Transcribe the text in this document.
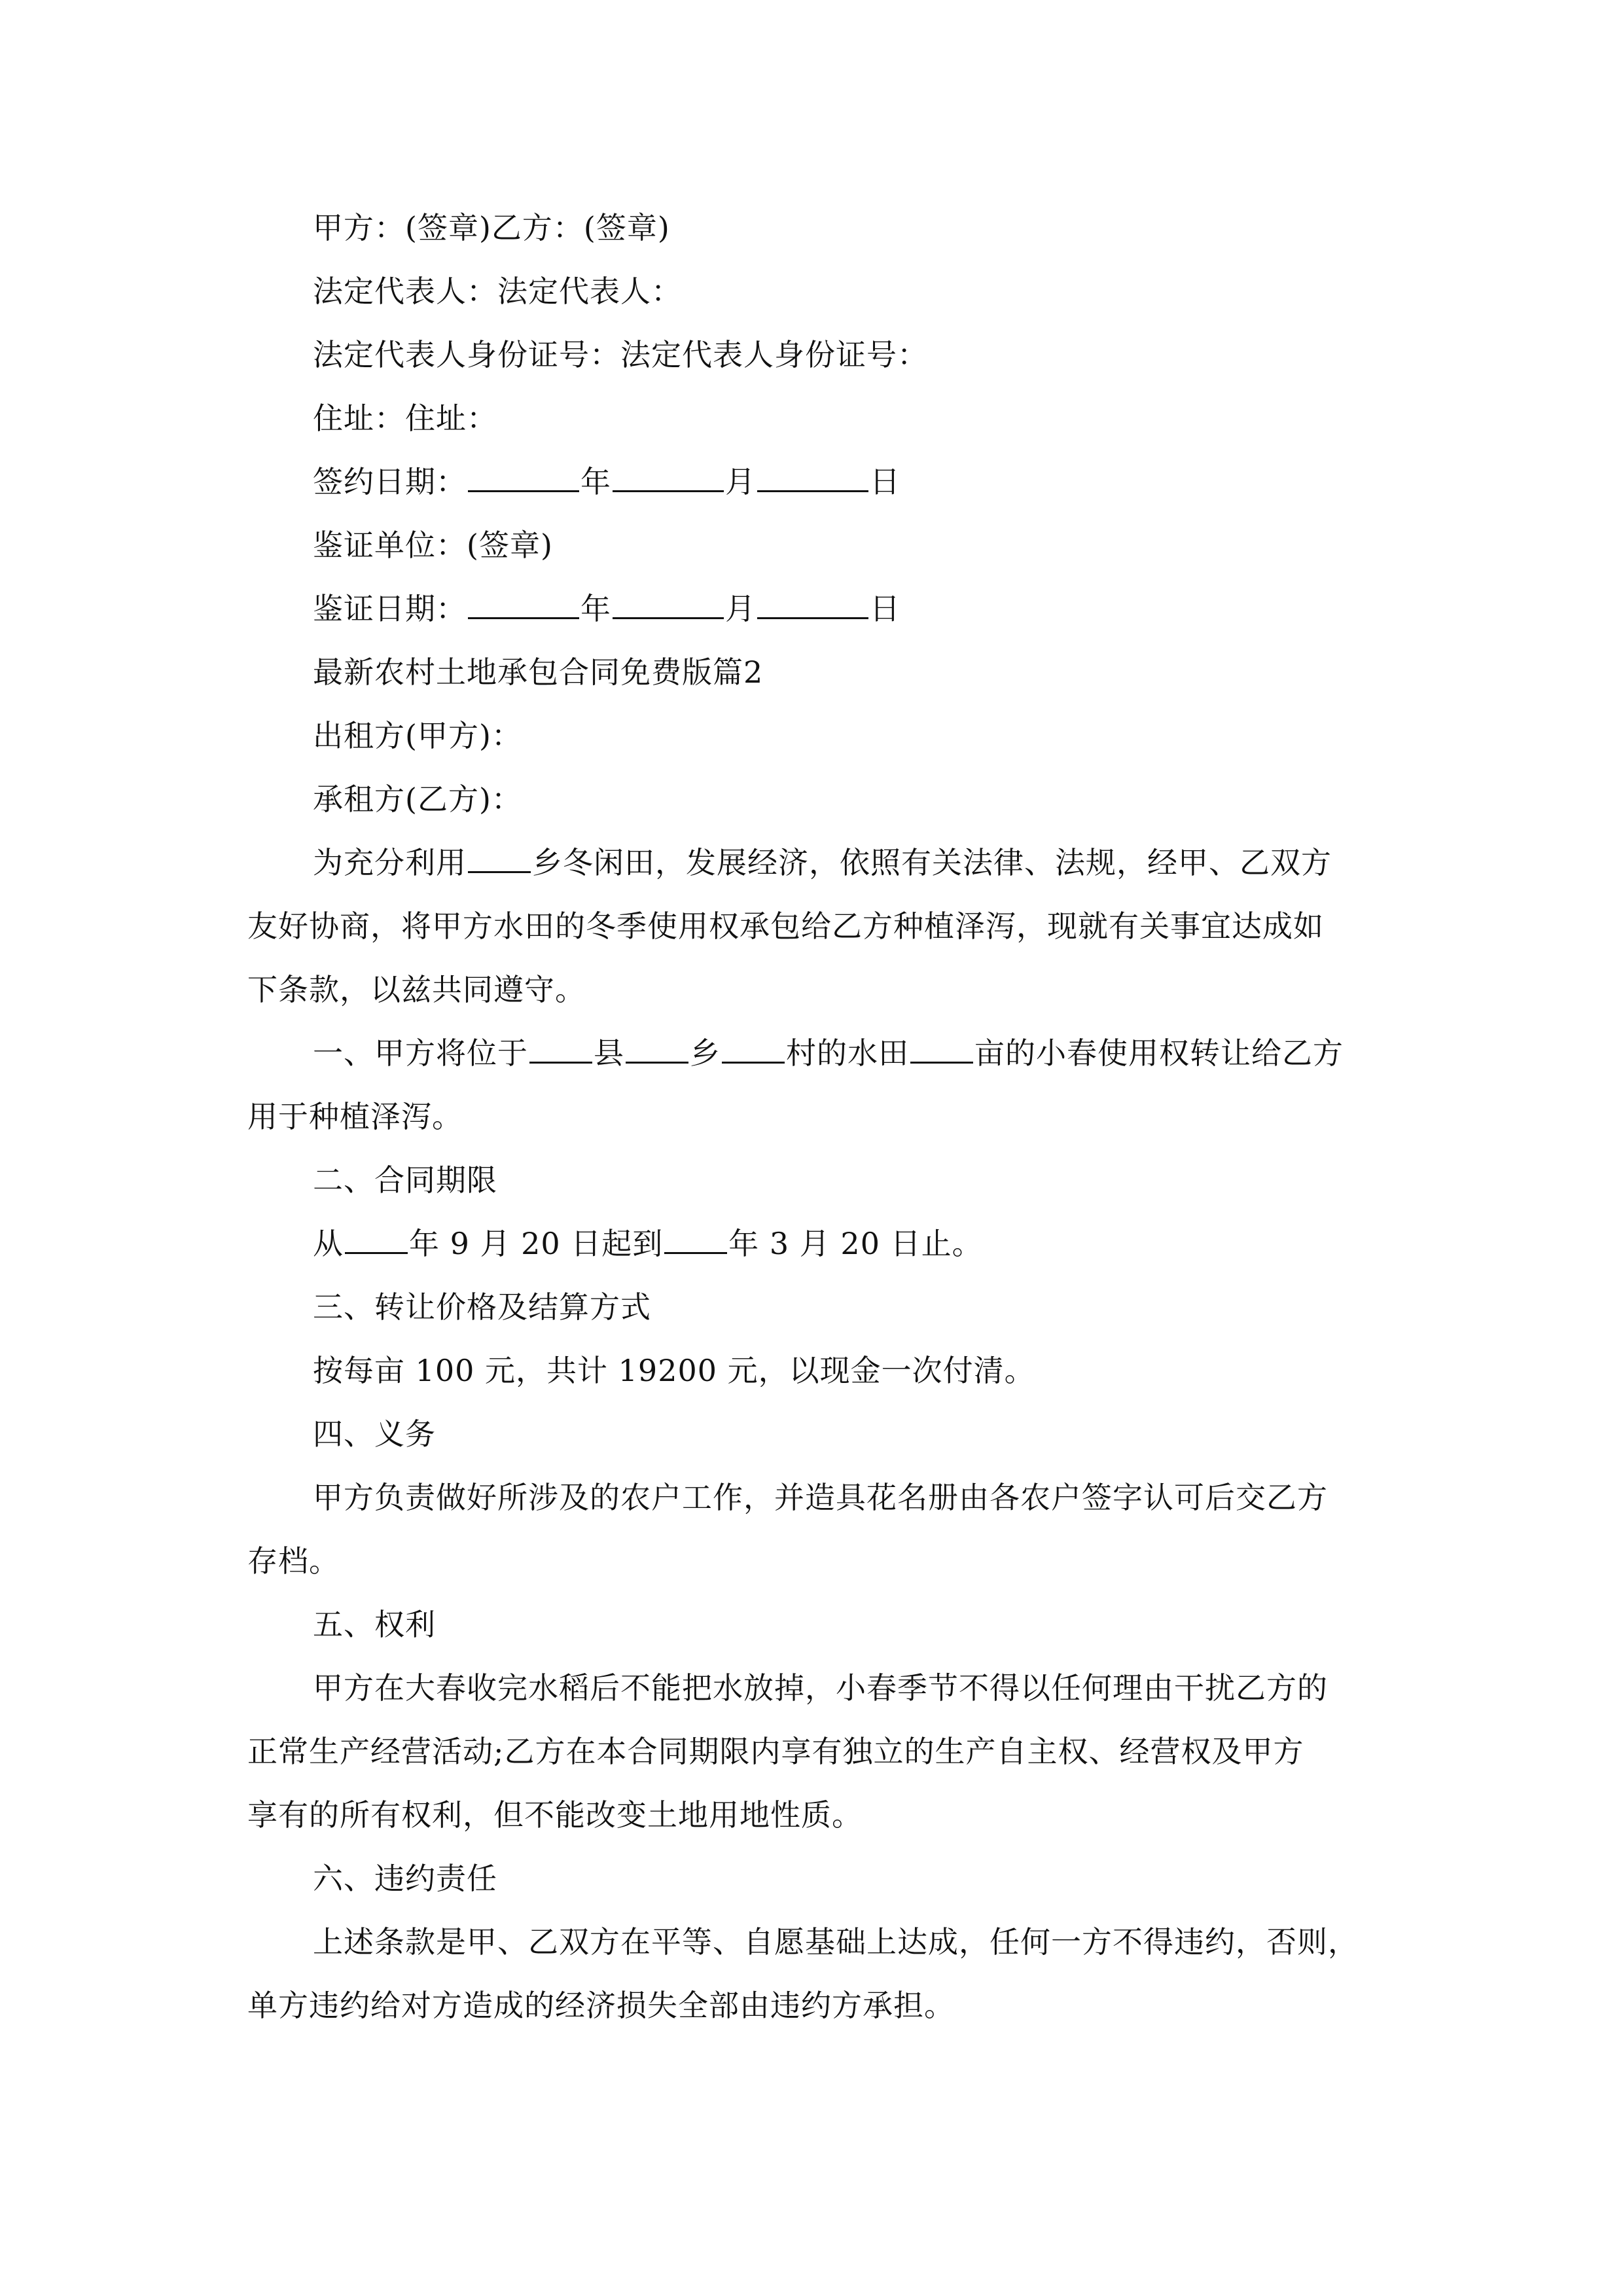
甲方：(签章)乙方：(签章)
法定代表人：法定代表人：
法定代表人身份证号：法定代表人身份证号：
住址：住址：
签约日期：	年	月	日
鉴证单位：(签章)
鉴证日期：	年	月	日
最新农村土地承包合同免费版篇2
出租方(甲方)：
承租方(乙方)：
为充分利用 乡冬闲田，发展经济，依照有关法律、法规，经甲、乙双方
友好协商，将甲方水田的冬季使用权承包给乙方种植泽泻，现就有关事宜达成如
下条款，以兹共同遵守。
一、甲方将位于 县 乡 村的水田 亩的小春使用权转让给乙方
用于种植泽泻。
二、合同期限
从 年 9 月 20 日起到 年 3 月 20 日止。
三、转让价格及结算方式
按每亩 100 元，共计 19200 元，以现金一次付清。
四、义务
甲方负责做好所涉及的农户工作，并造具花名册由各农户签字认可后交乙方
存档。
五、权利
甲方在大春收完水稻后不能把水放掉，小春季节不得以任何理由干扰乙方的
正常生产经营活动;乙方在本合同期限内享有独立的生产自主权、经营权及甲方
享有的所有权利，但不能改变土地用地性质。
六、违约责任
上述条款是甲、乙双方在平等、自愿基础上达成，任何一方不得违约，否则，
单方违约给对方造成的经济损失全部由违约方承担。
